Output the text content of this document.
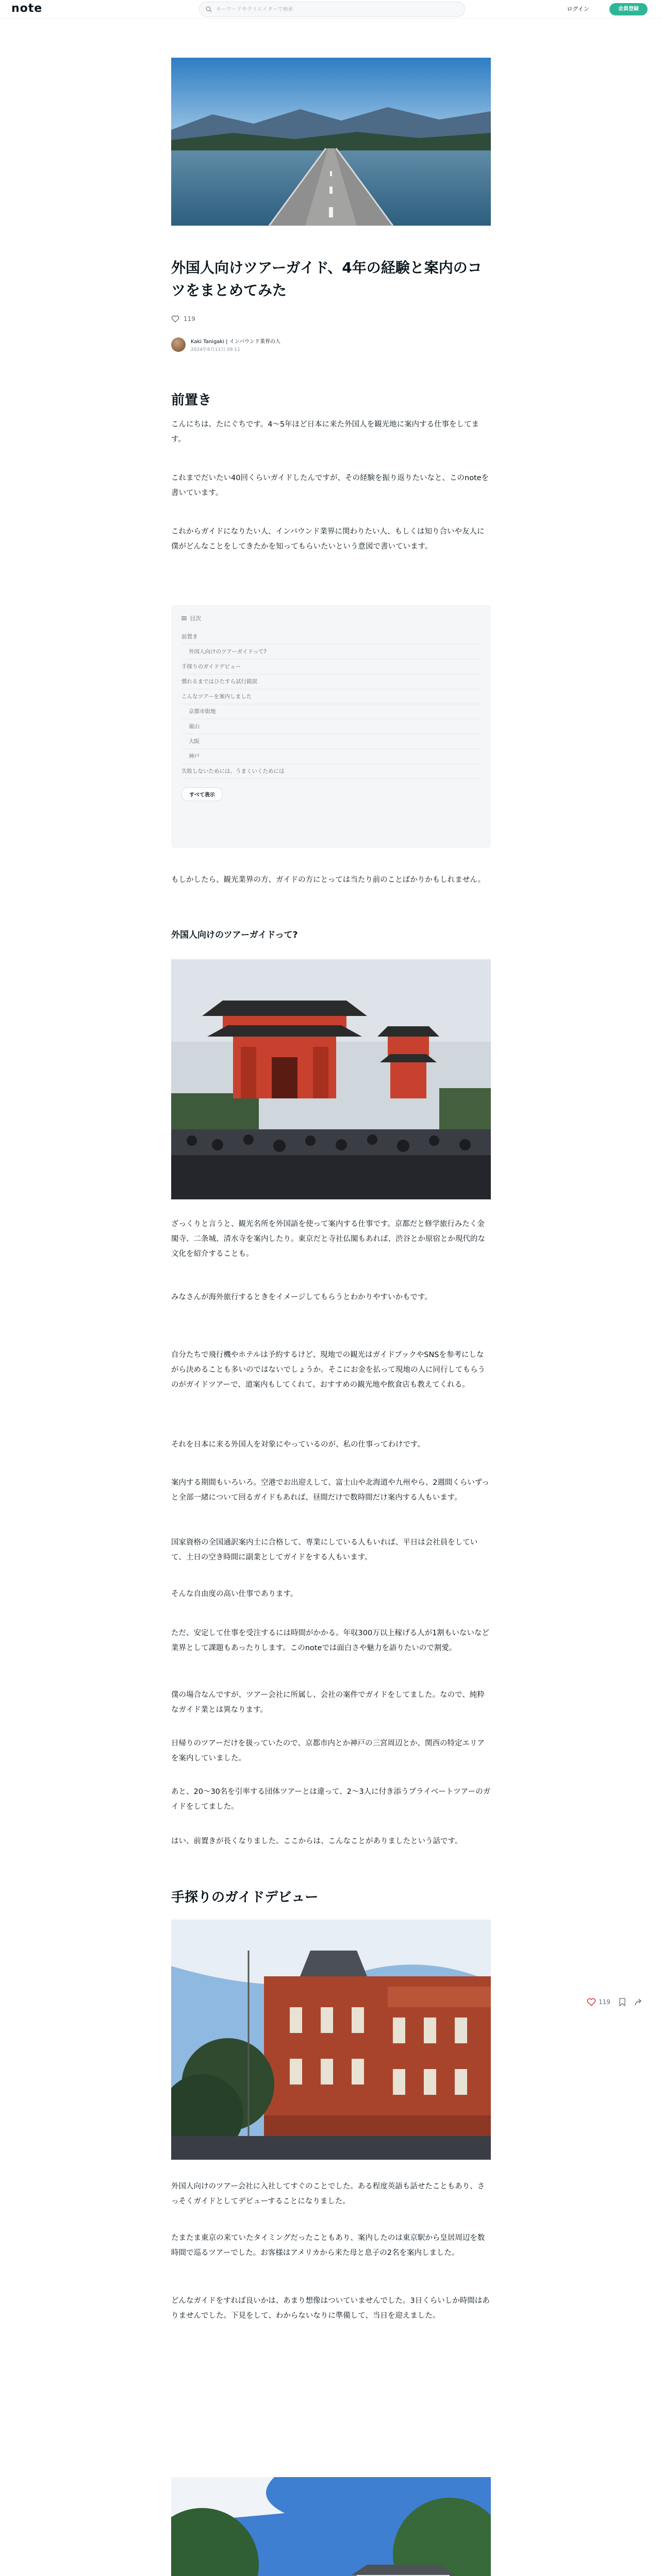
note
キーワードやクリエイターで検索	ログイン	会員登録
外国人向けツアーガイド、4年の経験と案内のコツをまとめてみた
119
Kaki Tanigaki | インバウンド業界の人
2024年6月11日 09:11
前置き

こんにちは、たにぐちです。4〜5年ほど日本に来た外国人を観光地に案内する仕事をしてます。

これまでだいたい40回くらいガイドしたんですが、その経験を振り返りたいなと、このnoteを書いています。

これからガイドになりたい人、インバウンド業界に関わりたい人、もしくは知り合いや友人に僕がどんなことをしてきたかを知ってもらいたいという意図で書いています。

目次
前置き
外国人向けのツアーガイドって?
手探りのガイドデビュー
慣れるまではひたすら試行錯誤
こんなツアーを案内しました
京都市街地
嵐山
大阪
神戸
失敗しないためには、うまくいくためには
すべて表示

もしかしたら、観光業界の方、ガイドの方にとっては当たり前のことばかりかもしれません。

外国人向けのツアーガイドって?

ざっくりと言うと、観光名所を外国語を使って案内する仕事です。京都だと修学旅行みたく金閣寺、二条城、清水寺を案内したり。東京だと寺社仏閣もあれば、渋谷とか原宿とか現代的な文化を紹介することも。

みなさんが海外旅行するときをイメージしてもらうとわかりやすいかもです。

自分たちで飛行機やホテルは予約するけど、現地での観光はガイドブックやSNSを参考にしながら決めることも多いのではないでしょうか。そこにお金を払って現地の人に同行してもらうのがガイドツアーで、道案内もしてくれて、おすすめの観光地や飲食店も教えてくれる。

それを日本に来る外国人を対象にやっているのが、私の仕事ってわけです。

案内する期間もいろいろ。空港でお出迎えして、富士山や北海道や九州やら、2週間くらいずっと全部一緒について回るガイドもあれば、昼間だけで数時間だけ案内する人もいます。

国家資格の全国通訳案内士に合格して、専業にしている人もいれば、平日は会社員をしていて、土日の空き時間に副業としてガイドをする人もいます。

そんな自由度の高い仕事であります。

ただ、安定して仕事を受注するには時間がかかる。年収300万以上稼げる人が1割もいないなど業界として課題もあったりします。このnoteでは面白さや魅力を語りたいので割愛。

僕の場合なんですが、ツアー会社に所属し、会社の案件でガイドをしてました。なので、純粋なガイド業とは異なります。

日帰りのツアーだけを扱っていたので、京都市内とか神戸の三宮周辺とか、関西の特定エリアを案内していました。

あと、20〜30名を引率する団体ツアーとは違って、2〜3人に付き添うプライベートツアーのガイドをしてました。

はい、前置きが長くなりました。ここからは、こんなことがありましたという話です。

手探りのガイドデビュー

外国人向けのツアー会社に入社してすぐのことでした。ある程度英語も話せたこともあり、さっそくガイドとしてデビューすることになりました。

たまたま東京の来ていたタイミングだったこともあり、案内したのは東京駅から皇居周辺を数時間で巡るツアーでした。お客様はアメリカから来た母と息子の2名を案内しました。

どんなガイドをすれば良いかは、あまり想像はついていませんでした。3日くらいしか時間はありませんでした。下見をして、わからないなりに準備して、当日を迎えました。

119
